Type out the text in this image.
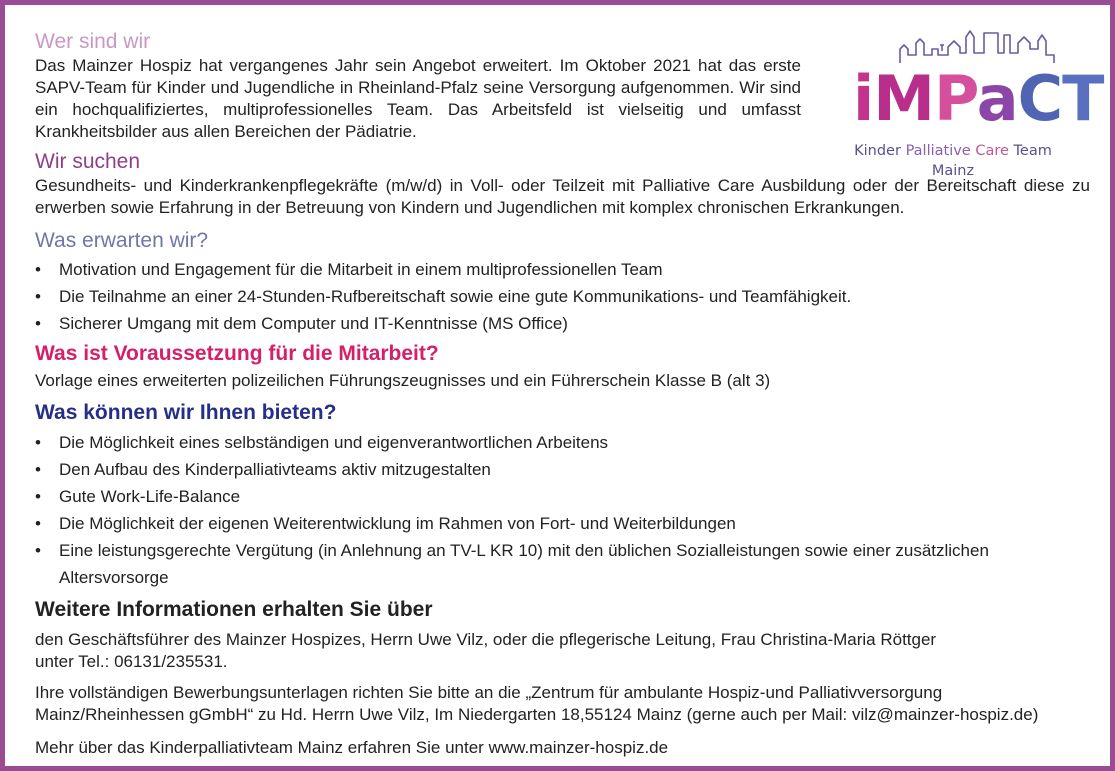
iMPaCT
Kinder Palliative Care Team
Mainz
Wer sind wir

Das Mainzer Hospiz hat vergangenes Jahr sein Angebot erweitert. Im Oktober 2021 hat das erste SAPV-Team für Kinder und Jugendliche in Rheinland-Pfalz seine Versorgung aufgenommen. Wir sind ein hochqualifiziertes, multiprofessionelles Team. Das Arbeitsfeld ist vielseitig und umfasst Krankheitsbilder aus allen Bereichen der Pädiatrie.

Wir suchen

Gesundheits- und Kinderkrankenpflegekräfte (m/w/d) in Voll- oder Teilzeit mit Palliative Care Ausbildung oder der Bereitschaft diese zu erwerben sowie Erfahrung in der Betreuung von Kindern und Jugendlichen mit komplex chronischen Erkrankungen.

Was erwarten wir?
• Motivation und Engagement für die Mitarbeit in einem multiprofessionellen Team
• Die Teilnahme an einer 24-Stunden-Rufbereitschaft sowie eine gute Kommunikations- und Teamfähigkeit.
• Sicherer Umgang mit dem Computer und IT-Kenntnisse (MS Office)
Was ist Voraussetzung für die Mitarbeit?

Vorlage eines erweiterten polizeilichen Führungszeugnisses und ein Führerschein Klasse B (alt 3)

Was können wir Ihnen bieten?
• Die Möglichkeit eines selbständigen und eigenverantwortlichen Arbeitens
• Den Aufbau des Kinderpalliativteams aktiv mitzugestalten
• Gute Work-Life-Balance
• Die Möglichkeit der eigenen Weiterentwicklung im Rahmen von Fort- und Weiterbildungen
• Eine leistungsgerechte Vergütung (in Anlehnung an TV-L KR 10) mit den üblichen Sozialleistungen sowie einer zusätzlichen Altersvorsorge
Weitere Informationen erhalten Sie über

den Geschäftsführer des Mainzer Hospizes, Herrn Uwe Vilz, oder die pflegerische Leitung, Frau Christina-Maria Röttger

unter Tel.: 06131/235531.

Ihre vollständigen Bewerbungsunterlagen richten Sie bitte an die „Zentrum für ambulante Hospiz-und Palliativversorgung Mainz/Rheinhessen gGmbH“ zu Hd. Herrn Uwe Vilz, Im Niedergarten 18,55124 Mainz (gerne auch per Mail: vilz@mainzer-hospiz.de)

Mehr über das Kinderpalliativteam Mainz erfahren Sie unter www.mainzer-hospiz.de
